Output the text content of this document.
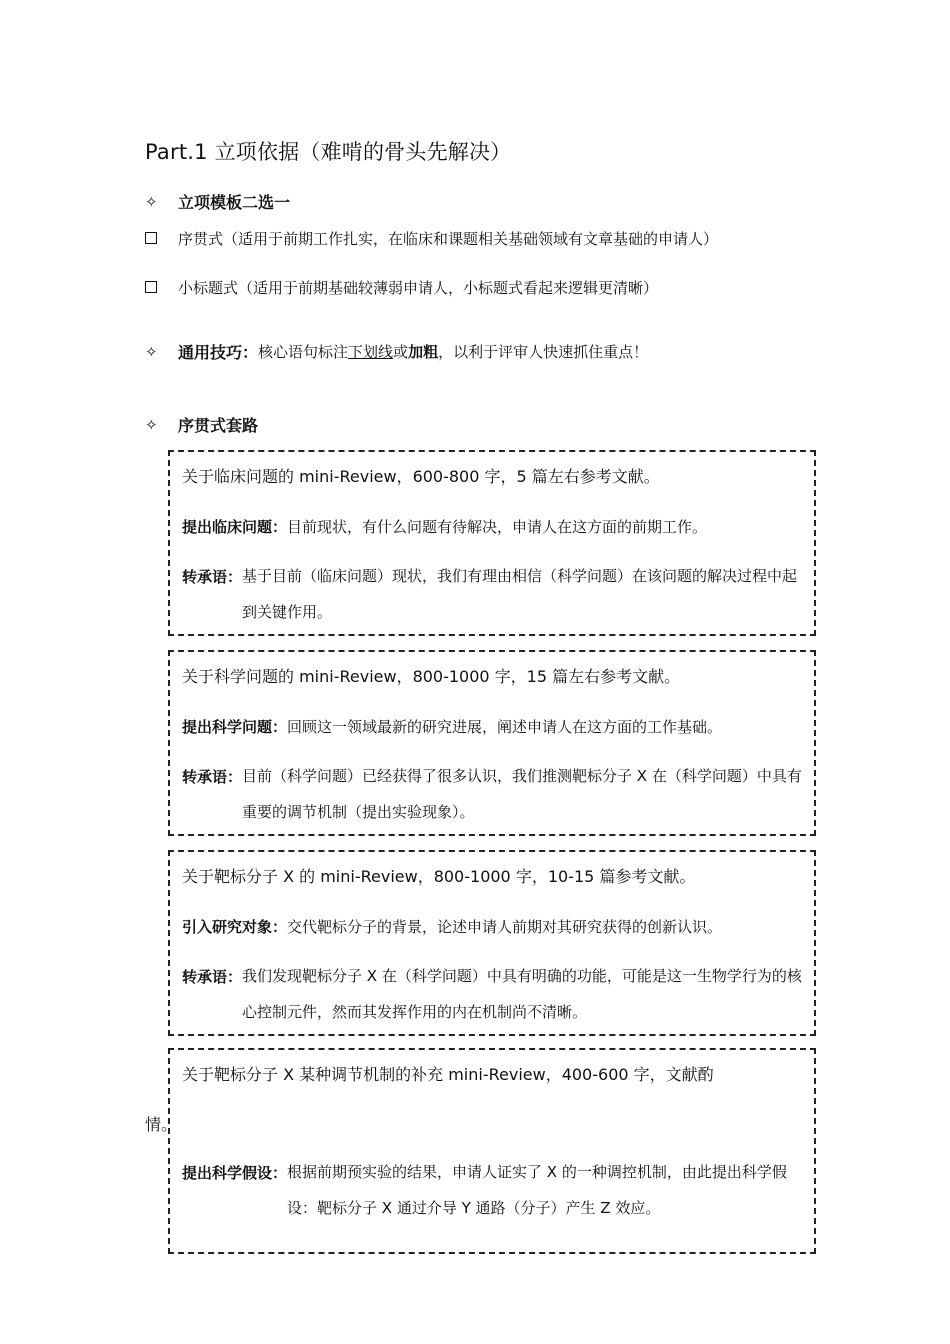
Part.1 立项依据（难啃的骨头先解决）
✧	立项模板二选一
序贯式（适用于前期工作扎实，在临床和课题相关基础领域有文章基础的申请人）
小标题式（适用于前期基础较薄弱申请人，小标题式看起来逻辑更清晰）
✧	通用技巧： 核心语句标注下划线或加粗，以利于评审人快速抓住重点！
✧	序贯式套路
关于临床问题的 mini-Review，600-800 字，5 篇左右参考文献。
提出临床问题： 目前现状，有什么问题有待解决，申请人在这方面的前期工作。
转承语： 基于目前（临床问题）现状，我们有理由相信（科学问题）在该问题的解决过程中起到关键作用。
关于科学问题的 mini-Review，800-1000 字，15 篇左右参考文献。
提出科学问题： 回顾这一领域最新的研究进展，阐述申请人在这方面的工作基础。
转承语： 目前（科学问题）已经获得了很多认识，我们推测靶标分子 X 在（科学问题）中具有重要的调节机制（提出实验现象）。
关于靶标分子 X 的 mini-Review，800-1000 字，10-15 篇参考文献。
引入研究对象： 交代靶标分子的背景，论述申请人前期对其研究获得的创新认识。
转承语： 我们发现靶标分子 X 在（科学问题）中具有明确的功能，可能是这一生物学行为的核心控制元件，然而其发挥作用的内在机制尚不清晰。
关于靶标分子 X 某种调节机制的补充 mini-Review，400-600 字，文献酌
提出科学假设： 根据前期预实验的结果，申请人证实了 X 的一种调控机制，由此提出科学假设：靶标分子 X 通过介导 Y 通路（分子）产生 Z 效应。
情。
